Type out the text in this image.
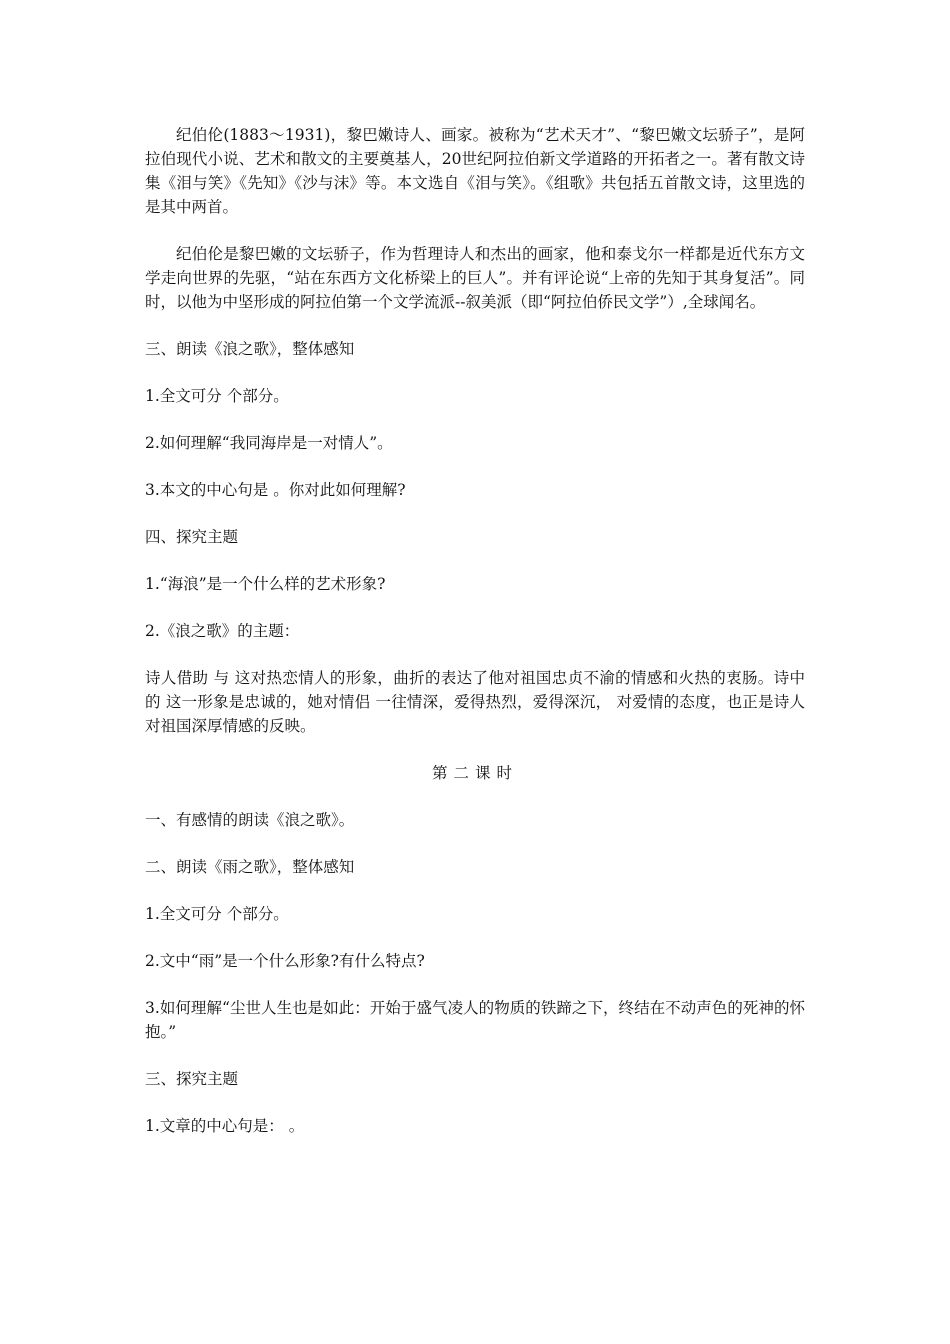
纪伯伦(1883～1931)，黎巴嫩诗人、画家。被称为“艺术天才”、“黎巴嫩文坛骄子”，是阿拉伯现代小说、艺术和散文的主要奠基人，20世纪阿拉伯新文学道路的开拓者之一。著有散文诗集《泪与笑》《先知》《沙与沫》等。本文选自《泪与笑》。《组歌》共包括五首散文诗，这里选的是其中两首。

纪伯伦是黎巴嫩的文坛骄子，作为哲理诗人和杰出的画家，他和泰戈尔一样都是近代东方文学走向世界的先驱，“站在东西方文化桥梁上的巨人”。并有评论说“上帝的先知于其身复活”。同时，以他为中坚形成的阿拉伯第一个文学流派--叙美派（即“阿拉伯侨民文学”）,全球闻名。

三、朗读《浪之歌》，整体感知
1.全文可分 个部分。
2.如何理解“我同海岸是一对情人”。
3.本文的中心句是 。你对此如何理解?
四、探究主题
1.“海浪”是一个什么样的艺术形象?
2.《浪之歌》的主题：

诗人借助 与 这对热恋情人的形象，曲折的表达了他对祖国忠贞不渝的情感和火热的衷肠。诗中的 这一形象是忠诚的，她对情侣 一往情深，爱得热烈，爱得深沉， 对爱情的态度，也正是诗人对祖国深厚情感的反映。

第二课时
一、有感情的朗读《浪之歌》。
二、朗读《雨之歌》，整体感知
1.全文可分 个部分。
2.文中“雨”是一个什么形象?有什么特点?

3.如何理解“尘世人生也是如此：开始于盛气凌人的物质的铁蹄之下，终结在不动声色的死神的怀抱。”

三、探究主题
1.文章的中心句是： 。
